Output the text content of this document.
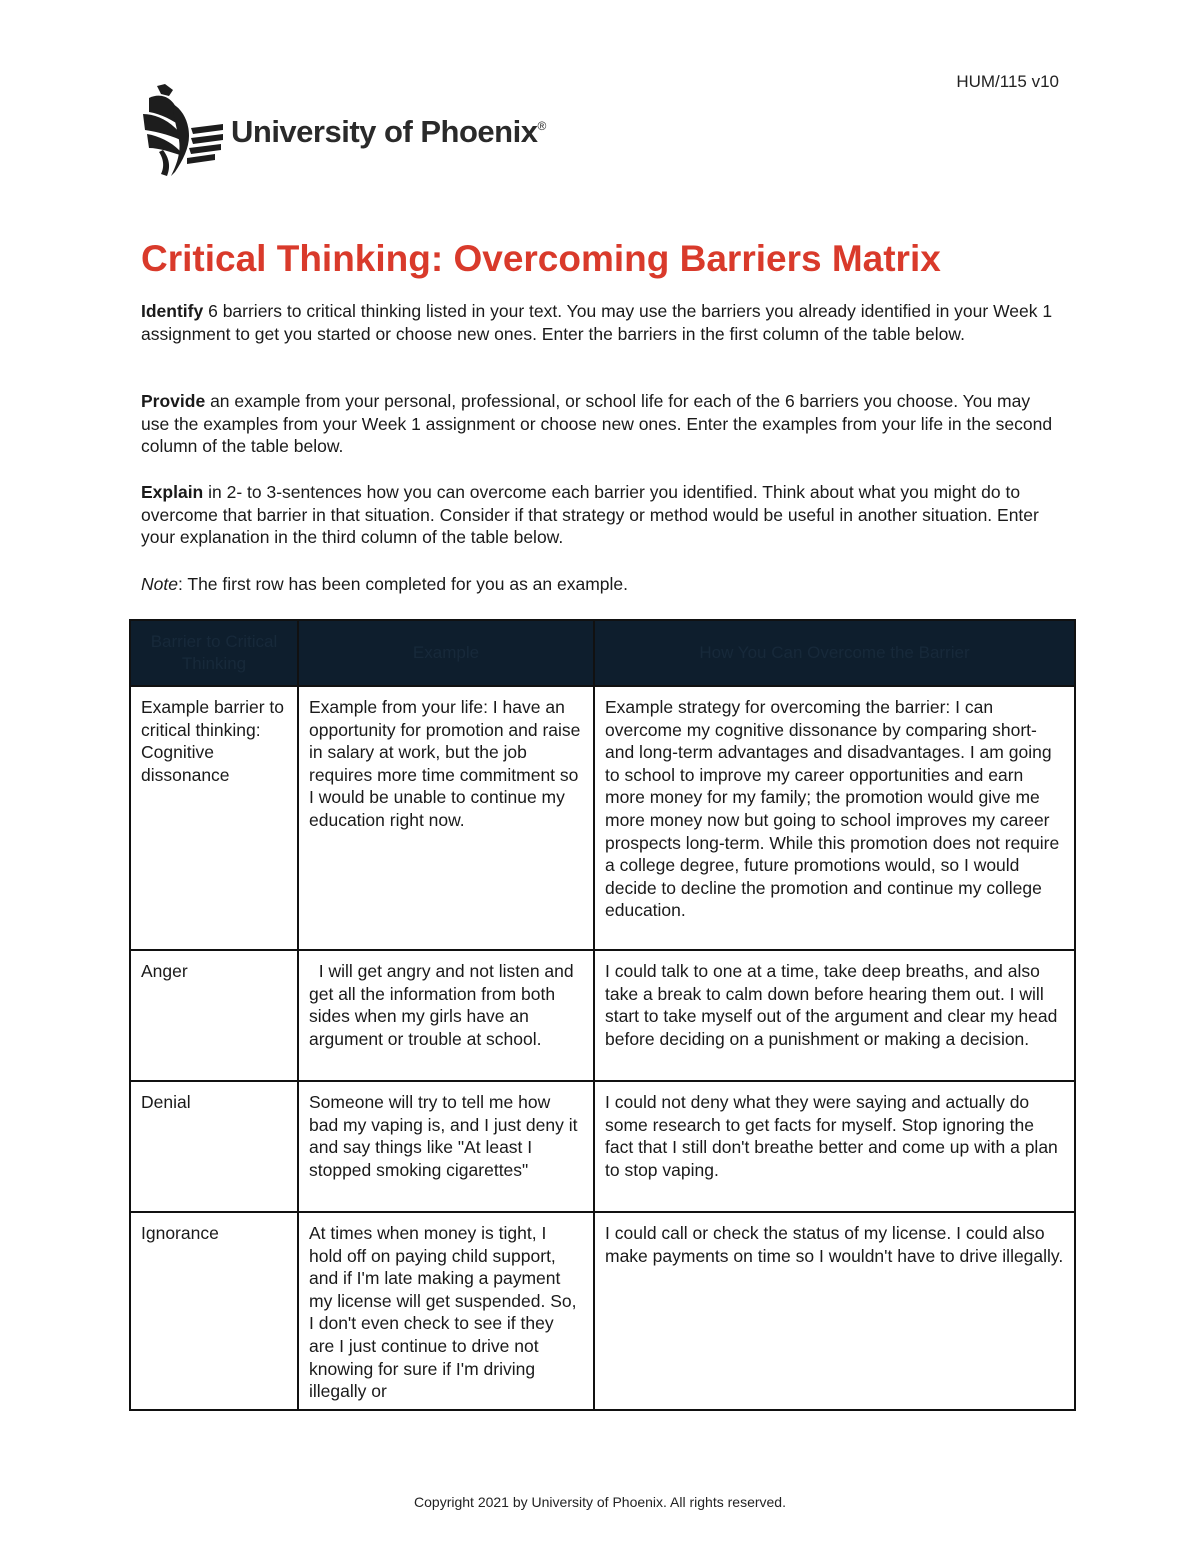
HUM/115 v10
University of Phoenix®
Critical Thinking: Overcoming Barriers Matrix

Identify 6 barriers to critical thinking listed in your text. You may use the barriers you already identified in your Week 1 assignment to get you started or choose new ones. Enter the barriers in the first column of the table below.

Provide an example from your personal, professional, or school life for each of the 6 barriers you choose. You may use the examples from your Week 1 assignment or choose new ones. Enter the examples from your life in the second column of the table below.

Explain in 2- to 3-sentences how you can overcome each barrier you identified. Think about what you might do to overcome that barrier in that situation. Consider if that strategy or method would be useful in another situation. Enter your explanation in the third column of the table below.

Note: The first row has been completed for you as an example.

Barrier to Critical Thinking	Example	How You Can Overcome the Barrier
Example barrier to critical thinking: Cognitive dissonance	Example from your life: I have an opportunity for promotion and raise in salary at work, but the job requires more time commitment so I would be unable to continue my education right now.	Example strategy for overcoming the barrier: I can overcome my cognitive dissonance by comparing short- and long-term advantages and disadvantages. I am going to school to improve my career opportunities and earn more money for my family; the promotion would give me more money now but going to school improves my career prospects long-term. While this promotion does not require a college degree, future promotions would, so I would decide to decline the promotion and continue my college education.
Anger	I will get angry and not listen and get all the information from both sides when my girls have an argument or trouble at school.	I could talk to one at a time, take deep breaths, and also take a break to calm down before hearing them out. I will start to take myself out of the argument and clear my head before deciding on a punishment or making a decision.
Denial	Someone will try to tell me how bad my vaping is, and I just deny it and say things like "At least I stopped smoking cigarettes"	I could not deny what they were saying and actually do some research to get facts for myself. Stop ignoring the fact that I still don't breathe better and come up with a plan to stop vaping.
Ignorance	At times when money is tight, I hold off on paying child support, and if I'm late making a payment my license will get suspended. So, I don't even check to see if they are I just continue to drive not knowing for sure if I'm driving illegally or	I could call or check the status of my license. I could also make payments on time so I wouldn't have to drive illegally.
Copyright 2021 by University of Phoenix. All rights reserved.
